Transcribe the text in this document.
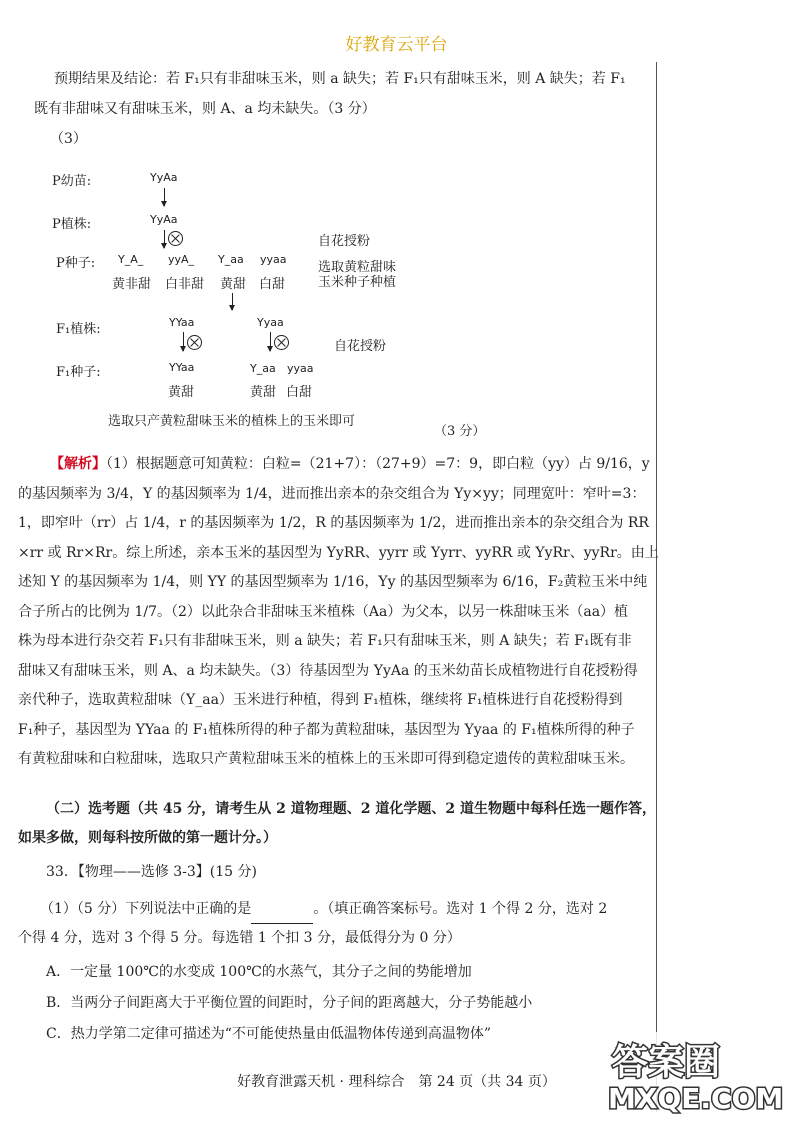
好教育云平台
预期结果及结论：若 F₁只有非甜味玉米，则 a 缺失；若 F₁只有甜味玉米，则 A 缺失；若 F₁
既有非甜味又有甜味玉米，则 A、a 均未缺失。（3 分）
（3）
P幼苗:	YyAa
P植株:	YyAa
自花授粉
P种子: Y_A_ yyA_ Y_aa yyaa
黄非甜 白非甜 黄甜 白甜
选取黄粒甜味
玉米种子种植
F₁植株:	YYaa	Yyaa
自花授粉
F₁种子:	YYaa	Y_aa yyaa
黄甜	黄甜 白甜
选取只产黄粒甜味玉米的植株上的玉米即可
（3 分）
【解析】（1）根据题意可知黄粒：白粒=（21+7）：（27+9）=7：9，即白粒（yy）占 9/16，y
的基因频率为 3/4，Y 的基因频率为 1/4，进而推出亲本的杂交组合为 Yy×yy；同理宽叶：窄叶=3：
1，即窄叶（rr）占 1/4，r 的基因频率为 1/2，R 的基因频率为 1/2，进而推出亲本的杂交组合为 RR
×rr 或 Rr×Rr。综上所述，亲本玉米的基因型为 YyRR、yyrr 或 Yyrr、yyRR 或 YyRr、yyRr。由上
述知 Y 的基因频率为 1/4，则 YY 的基因型频率为 1/16，Yy 的基因型频率为 6/16，F₂黄粒玉米中纯
合子所占的比例为 1/7。（2）以此杂合非甜味玉米植株（Aa）为父本，以另一株甜味玉米（aa）植
株为母本进行杂交若 F₁只有非甜味玉米，则 a 缺失；若 F₁只有甜味玉米，则 A 缺失；若 F₁既有非
甜味又有甜味玉米，则 A、a 均未缺失。（3）待基因型为 YyAa 的玉米幼苗长成植物进行自花授粉得
亲代种子，选取黄粒甜味（Y_aa）玉米进行种植，得到 F₁植株，继续将 F₁植株进行自花授粉得到
F₁种子，基因型为 YYaa 的 F₁植株所得的种子都为黄粒甜味，基因型为 Yyaa 的 F₁植株所得的种子
有黄粒甜味和白粒甜味，选取只产黄粒甜味玉米的植株上的玉米即可得到稳定遗传的黄粒甜味玉米。
（二）选考题（共 45 分，请考生从 2 道物理题、2 道化学题、2 道生物题中每科任选一题作答，
如果多做，则每科按所做的第一题计分。）
33．【物理——选修 3-3】(15 分)
（1）（5 分）下列说法中正确的是	。（填正确答案标号。选对 1 个得 2 分，选对 2
个得 4 分，选对 3 个得 5 分。每选错 1 个扣 3 分，最低得分为 0 分）
A．一定量 100℃的水变成 100℃的水蒸气，其分子之间的势能增加
B．当两分子间距离大于平衡位置的间距时，分子间的距离越大，分子势能越小
C．热力学第二定律可描述为“不可能使热量由低温物体传递到高温物体”
好教育泄露天机 · 理科综合　第 24 页（共 34 页）	答案圈
MXQE.COM
